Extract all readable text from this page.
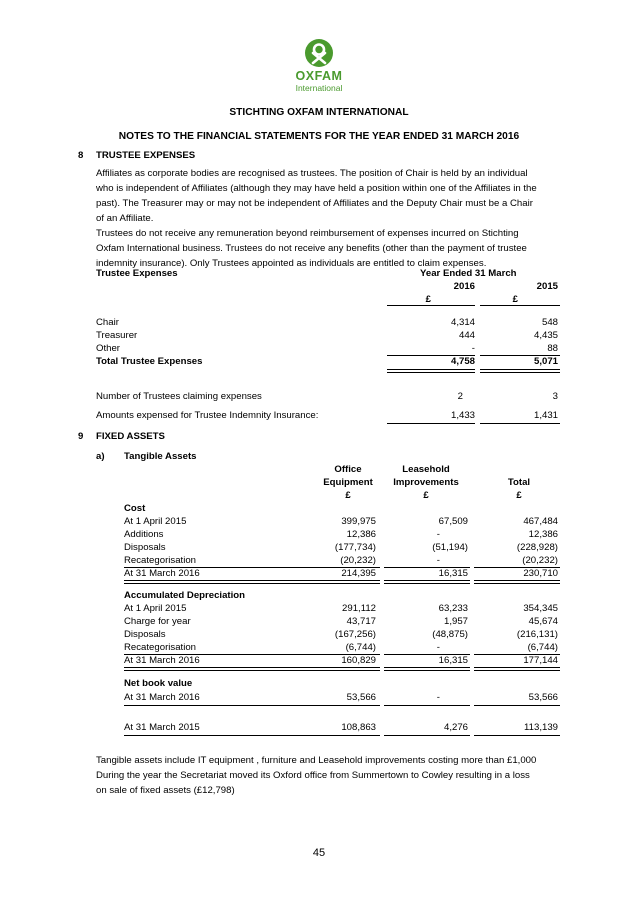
OXFAM
International
STICHTING OXFAM INTERNATIONAL
NOTES TO THE FINANCIAL STATEMENTS FOR THE YEAR ENDED 31 MARCH 2016
8 TRUSTEE EXPENSES
Affiliates as corporate bodies are recognised as trustees. The position of Chair is held by an individual
who is independent of Affiliates (although they may have held a position within one of the Affiliates in the
past). The Treasurer may or may not be independent of Affiliates and the Deputy Chair must be a Chair
of an Affiliate.
Trustees do not receive any remuneration beyond reimbursement of expenses incurred on Stichting
Oxfam International business. Trustees do not receive any benefits (other than the payment of trustee
indemnity insurance). Only Trustees appointed as individuals are entitled to claim expenses.
Trustee Expenses	Year Ended 31 March
2016	2015
£	£
Chair	4,314	548
Treasurer	444	4,435
Other	-	88
Total Trustee Expenses	4,758	5,071
Number of Trustees claiming expenses	2	3
Amounts expensed for Trustee Indemnity Insurance:	1,433	1,431
9 FIXED ASSETS
a) Tangible Assets
Office
Equipment
£
Leasehold
Improvements
£
Total
£
Cost
At 1 April 2015	399,975	67,509	467,484
Additions	12,386	-	12,386
Disposals	(177,734)	(51,194)	(228,928)
Recategorisation	(20,232)	-	(20,232)
At 31 March 2016	214,395	16,315	230,710
Accumulated Depreciation
At 1 April 2015	291,112	63,233	354,345
Charge for year	43,717	1,957	45,674
Disposals	(167,256)	(48,875)	(216,131)
Recategorisation	(6,744)	-	(6,744)
At 31 March 2016	160,829	16,315	177,144
Net book value
At 31 March 2016	53,566	-	53,566
At 31 March 2015	108,863	4,276	113,139
Tangible assets include IT equipment , furniture and Leasehold improvements costing more than £1,000
During the year the Secretariat moved its Oxford office from Summertown to Cowley resulting in a loss
on sale of fixed assets (£12,798)
45
